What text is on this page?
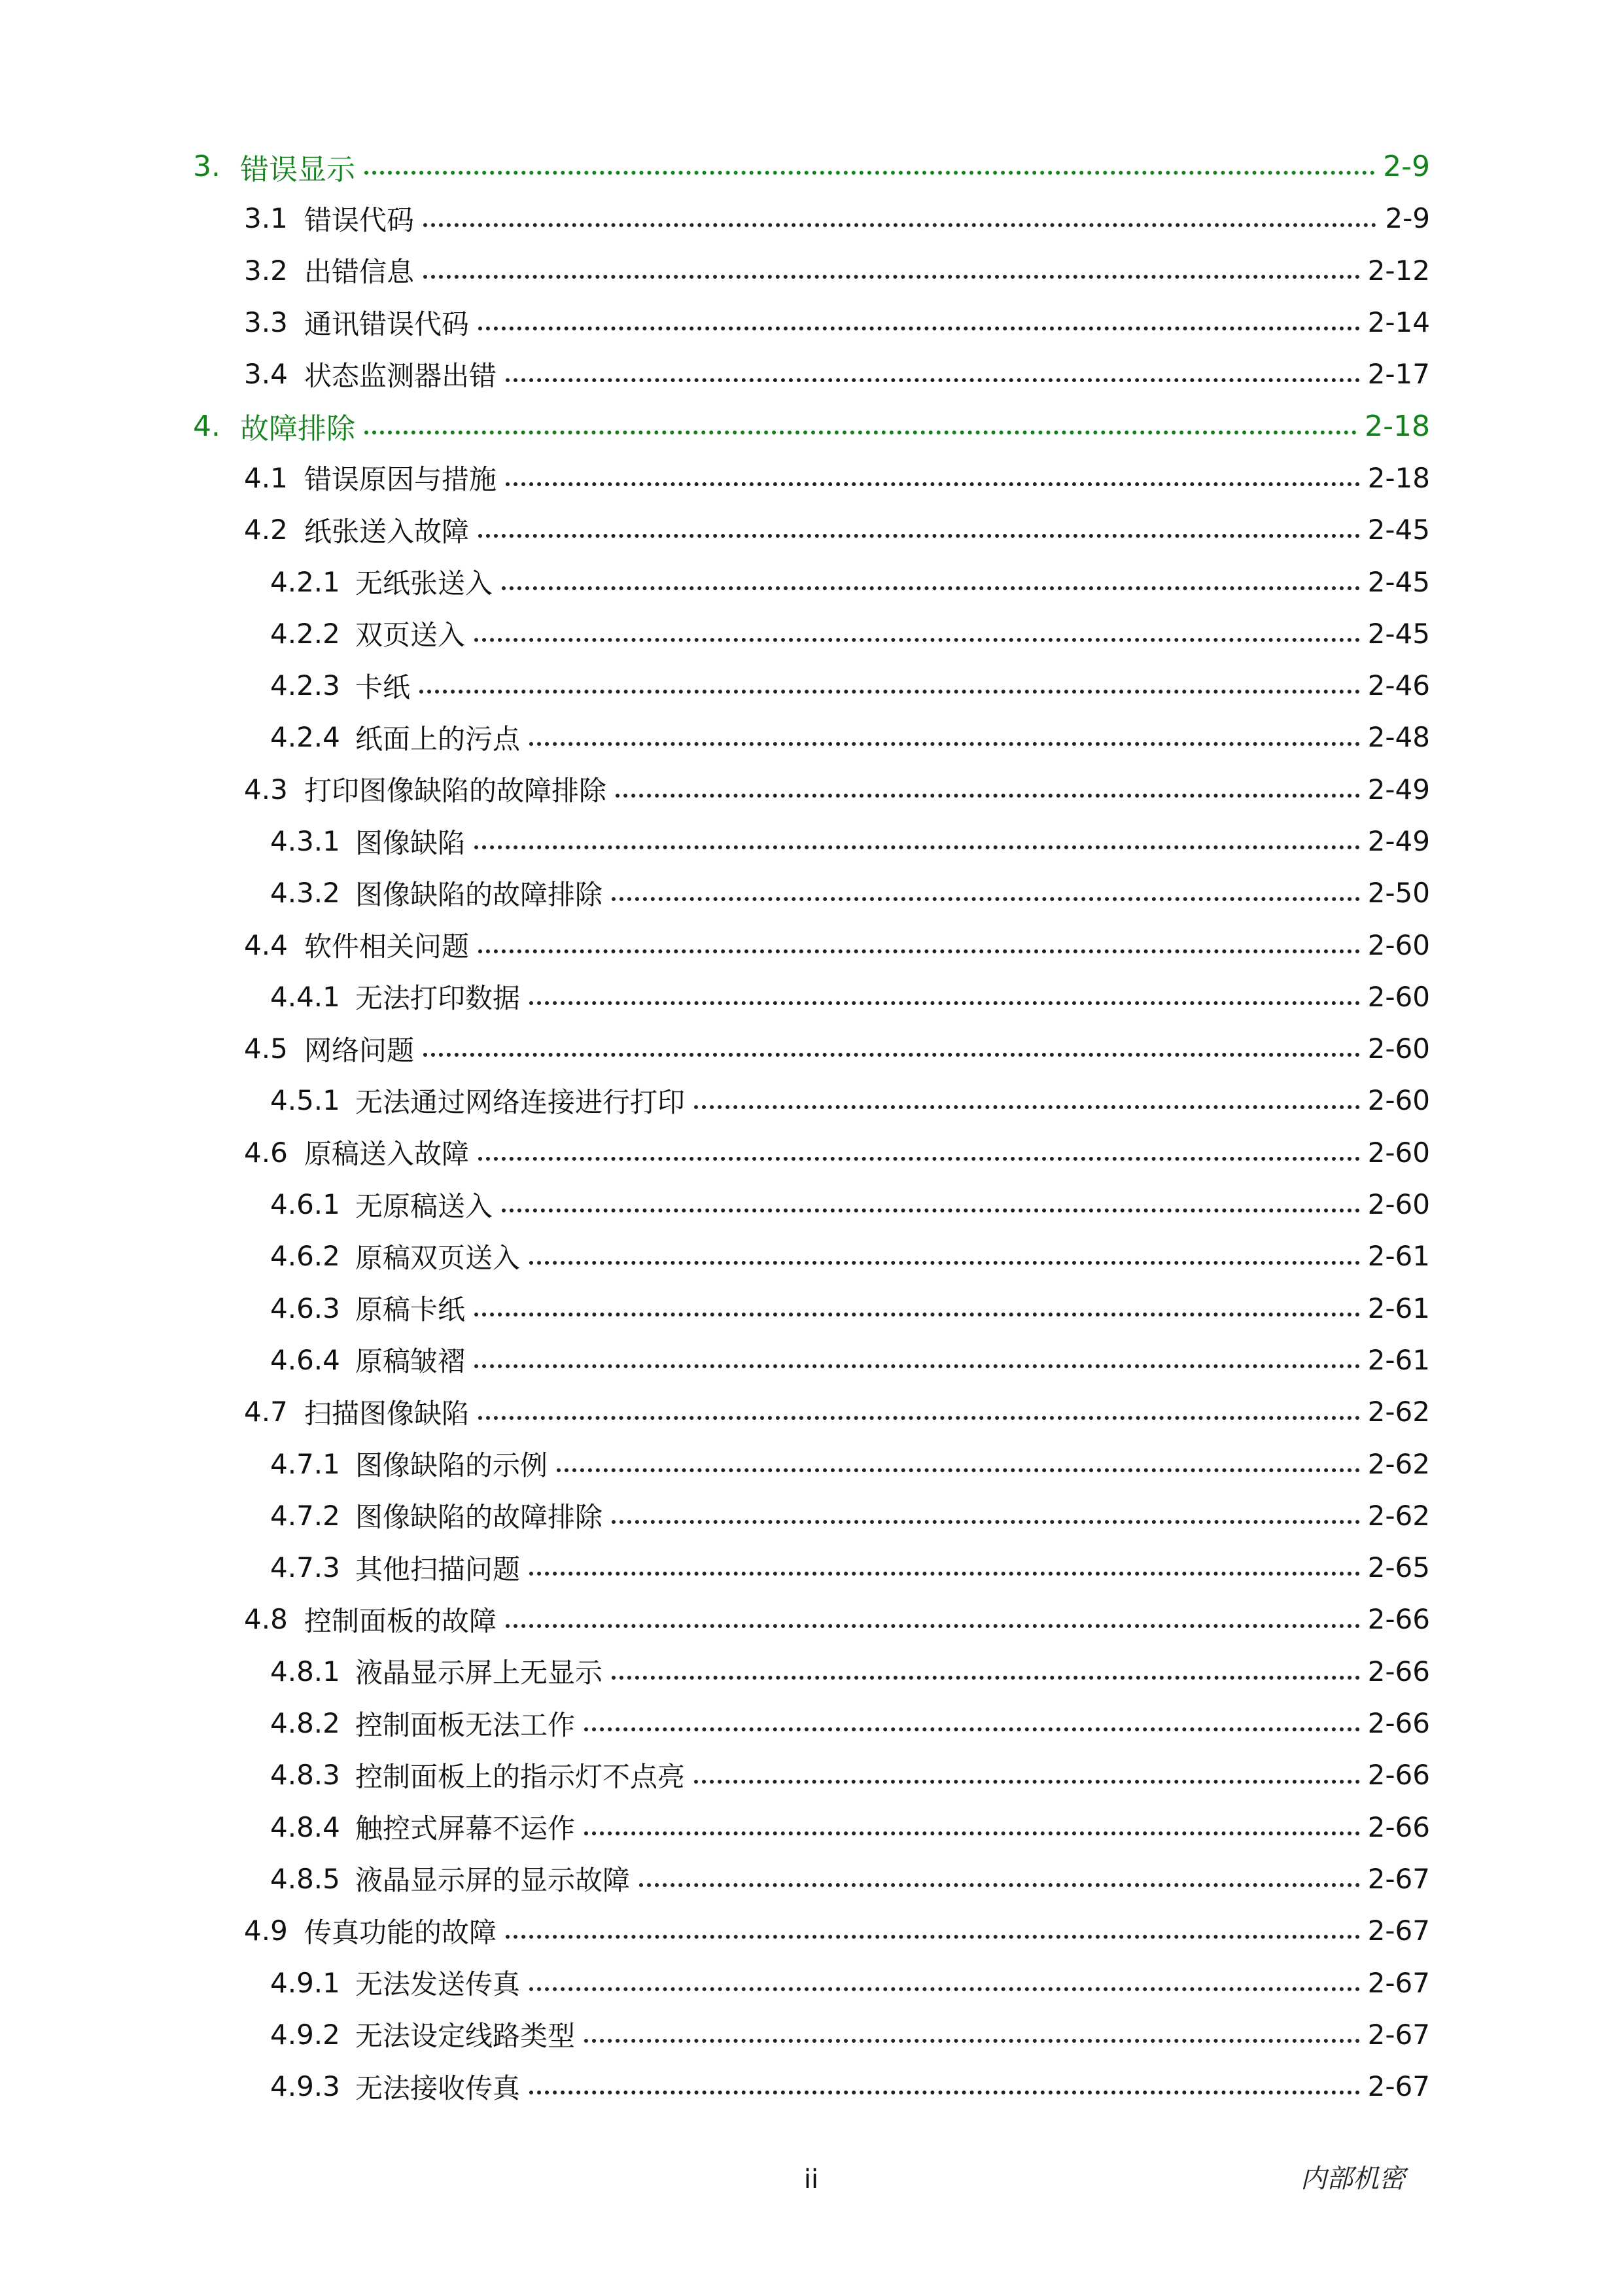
3. 错误显示	2-9
3.1 错误代码	2-9
3.2 出错信息	2-12
3.3 通讯错误代码	2-14
3.4 状态监测器出错	2-17
4. 故障排除	2-18
4.1 错误原因与措施	2-18
4.2 纸张送入故障	2-45
4.2.1 无纸张送入	2-45
4.2.2 双页送入	2-45
4.2.3 卡纸	2-46
4.2.4 纸面上的污点	2-48
4.3 打印图像缺陷的故障排除	2-49
4.3.1 图像缺陷	2-49
4.3.2 图像缺陷的故障排除	2-50
4.4 软件相关问题	2-60
4.4.1 无法打印数据	2-60
4.5 网络问题	2-60
4.5.1 无法通过网络连接进行打印	2-60
4.6 原稿送入故障	2-60
4.6.1 无原稿送入	2-60
4.6.2 原稿双页送入	2-61
4.6.3 原稿卡纸	2-61
4.6.4 原稿皱褶	2-61
4.7 扫描图像缺陷	2-62
4.7.1 图像缺陷的示例	2-62
4.7.2 图像缺陷的故障排除	2-62
4.7.3 其他扫描问题	2-65
4.8 控制面板的故障	2-66
4.8.1 液晶显示屏上无显示	2-66
4.8.2 控制面板无法工作	2-66
4.8.3 控制面板上的指示灯不点亮	2-66
4.8.4 触控式屏幕不运作	2-66
4.8.5 液晶显示屏的显示故障	2-67
4.9 传真功能的故障	2-67
4.9.1 无法发送传真	2-67
4.9.2 无法设定线路类型	2-67
4.9.3 无法接收传真	2-67
ii	内部机密
